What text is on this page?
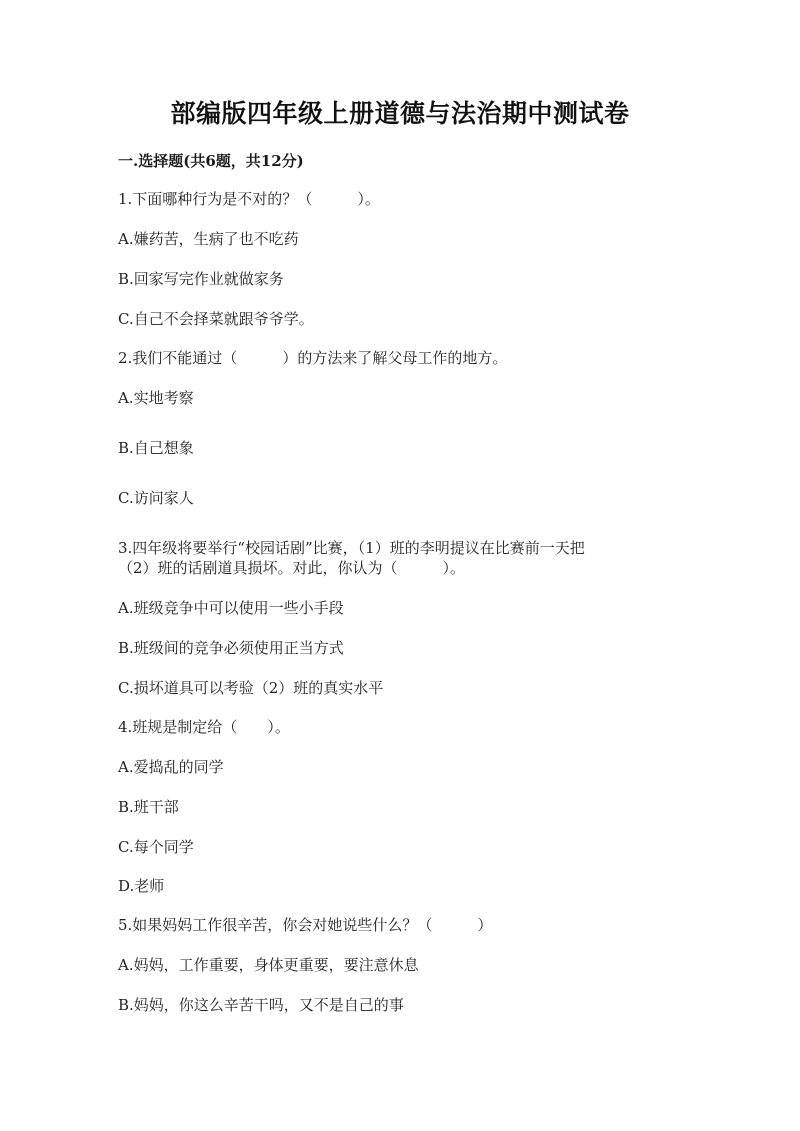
部编版四年级上册道德与法治期中测试卷
一.选择题(共6题，共12分)
1.下面哪种行为是不对的？（　　　）。
A.嫌药苦，生病了也不吃药
B.回家写完作业就做家务
C.自己不会择菜就跟爷爷学。
2.我们不能通过（　　　）的方法来了解父母工作的地方。
A.实地考察
B.自己想象
C.访问家人
3.四年级将要举行“校园话剧”比赛，（1）班的李明提议在比赛前一天把
（2）班的话剧道具损坏。对此，你认为（　　　）。
A.班级竞争中可以使用一些小手段
B.班级间的竞争必须使用正当方式
C.损坏道具可以考验（2）班的真实水平
4.班规是制定给（　　）。
A.爱捣乱的同学
B.班干部
C.每个同学
D.老师
5.如果妈妈工作很辛苦，你会对她说些什么？（　　　）
A.妈妈，工作重要，身体更重要，要注意休息
B.妈妈，你这么辛苦干吗，又不是自己的事
